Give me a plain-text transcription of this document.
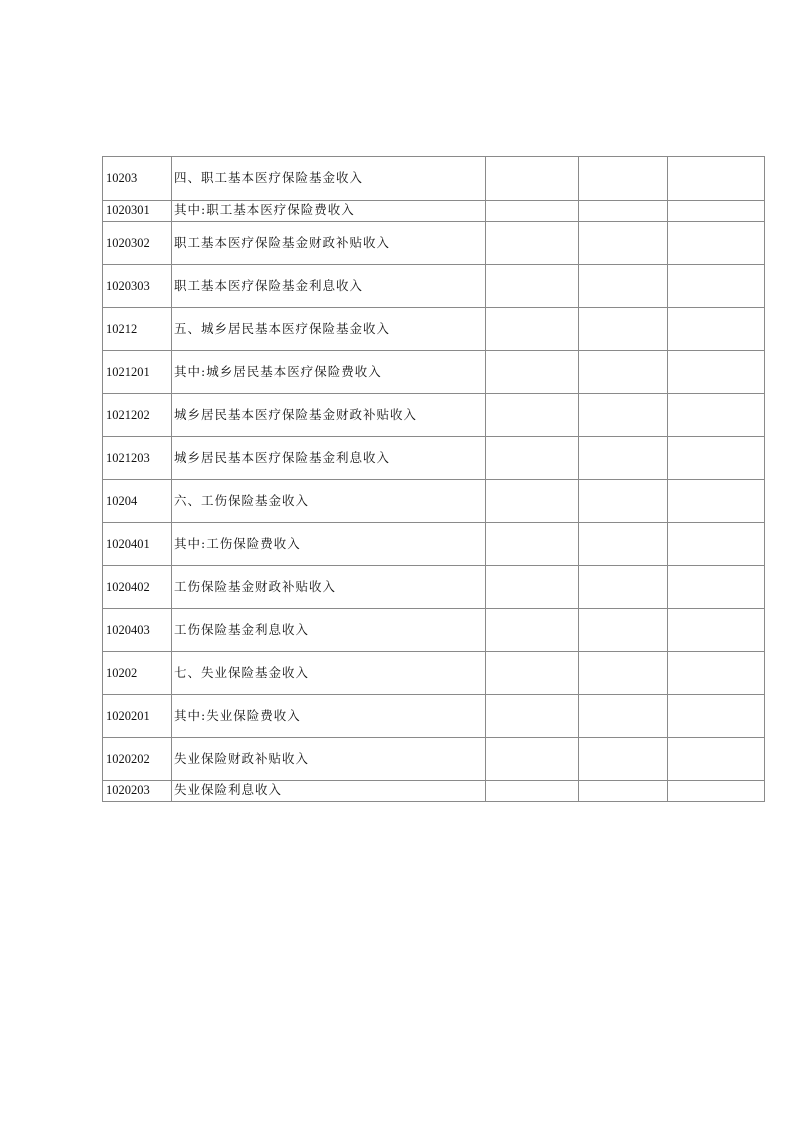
10203	四、职工基本医疗保险基金收入			
1020301	其中:职工基本医疗保险费收入			
1020302	职工基本医疗保险基金财政补贴收入			
1020303	职工基本医疗保险基金利息收入			
10212	五、城乡居民基本医疗保险基金收入			
1021201	其中:城乡居民基本医疗保险费收入			
1021202	城乡居民基本医疗保险基金财政补贴收入			
1021203	城乡居民基本医疗保险基金利息收入			
10204	六、工伤保险基金收入			
1020401	其中:工伤保险费收入			
1020402	工伤保险基金财政补贴收入			
1020403	工伤保险基金利息收入			
10202	七、失业保险基金收入			
1020201	其中:失业保险费收入			
1020202	失业保险财政补贴收入			
1020203	失业保险利息收入			
